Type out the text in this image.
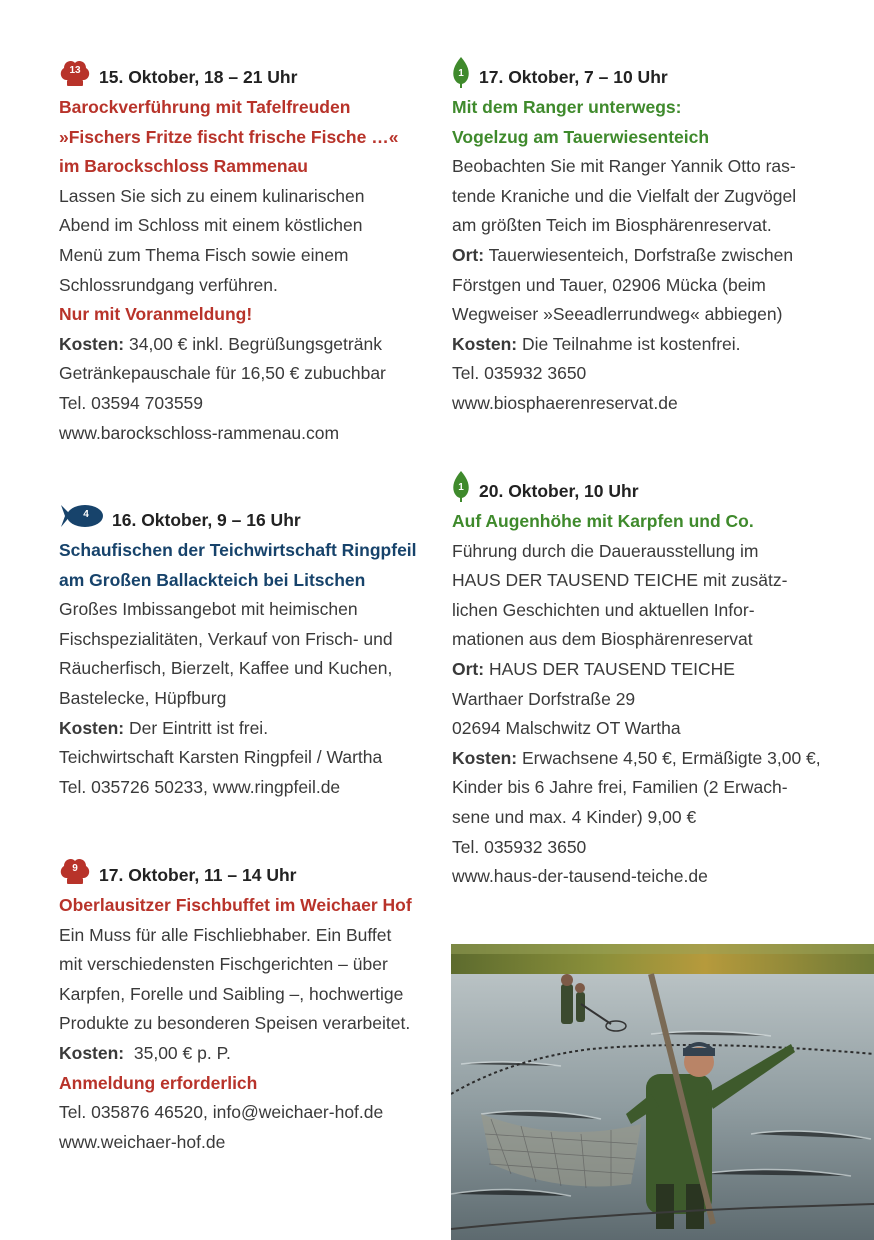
13	15. Oktober, 18 – 21 Uhr
Barockverführung mit Tafelfreuden
»Fischers Fritze fischt frische Fische …«
im Barockschloss Rammenau
Lassen Sie sich zu einem kulinarischen
Abend im Schloss mit einem köstlichen
Menü zum Thema Fisch sowie einem
Schlossrundgang verführen.
Nur mit Voranmeldung!
Kosten: 34,00 € inkl. Begrüßungsgetränk
Getränkepauschale für 16,50 € zubuchbar
Tel. 03594 703559
www.barockschloss-rammenau.com
4	16. Oktober, 9 – 16 Uhr
Schaufischen der Teichwirtschaft Ringpfeil
am Großen Ballackteich bei Litschen
Großes Imbissangebot mit heimischen
Fischspezialitäten, Verkauf von Frisch- und
Räucherfisch, Bierzelt, Kaffee und Kuchen,
Bastelecke, Hüpfburg
Kosten: Der Eintritt ist frei.
Teichwirtschaft Karsten Ringpfeil / Wartha
Tel. 035726 50233, www.ringpfeil.de
9	17. Oktober, 11 – 14 Uhr
Oberlausitzer Fischbuffet im Weichaer Hof
Ein Muss für alle Fischliebhaber. Ein Buffet
mit verschiedensten Fischgerichten – über
Karpfen, Forelle und Saibling –, hochwertige
Produkte zu besonderen Speisen verarbeitet.
Kosten:  35,00 € p. P.
Anmeldung erforderlich
Tel. 035876 46520, info@weichaer-hof.de
www.weichaer-hof.de
1 17. Oktober, 7 – 10 Uhr
Mit dem Ranger unterwegs:
Vogelzug am Tauerwiesenteich
Beobachten Sie mit Ranger Yannik Otto ras-
tende Kraniche und die Vielfalt der Zugvögel
am größten Teich im Biosphärenreservat.
Ort: Tauerwiesenteich, Dorfstraße zwischen
Förstgen und Tauer, 02906 Mücka (beim
Wegweiser »Seeadlerrundweg« abbiegen)
Kosten: Die Teilnahme ist kostenfrei.
Tel. 035932 3650
www.biosphaerenreservat.de
1 20. Oktober, 10 Uhr
Auf Augenhöhe mit Karpfen und Co.
Führung durch die Dauerausstellung im
HAUS DER TAUSEND TEICHE mit zusätz-
lichen Geschichten und aktuellen Infor-
mationen aus dem Biosphärenreservat
Ort: HAUS DER TAUSEND TEICHE
Warthaer Dorfstraße 29
02694 Malschwitz OT Wartha
Kosten: Erwachsene 4,50 €, Ermäßigte 3,00 €,
Kinder bis 6 Jahre frei, Familien (2 Erwach-
sene und max. 4 Kinder) 9,00 €
Tel. 035932 3650
www.haus-der-tausend-teiche.de
